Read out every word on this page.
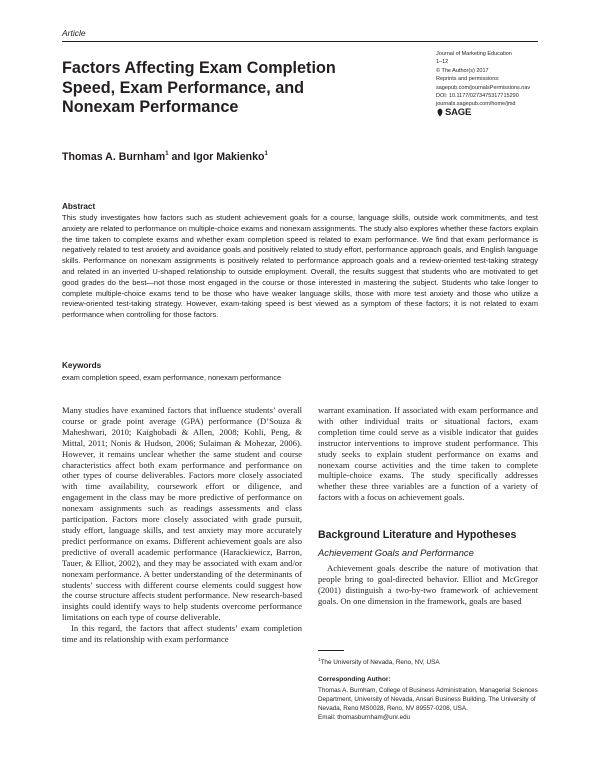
Article
Factors Affecting Exam Completion
Speed, Exam Performance, and
Nonexam Performance
Journal of Marketing Education
1–12
© The Author(s) 2017
Reprints and permissions:
sagepub.com/journalsPermissions.nav
DOI: 10.1177/0273475317715290
journals.sagepub.com/home/jmd
SAGE
Thomas A. Burnham$^1$ and Igor Makienko$^1$
Abstract
This study investigates how factors such as student achievement goals for a course, language skills, outside work commitments, and test anxiety are related to performance on multiple-choice exams and nonexam assignments. The study also explores whether these factors explain the time taken to complete exams and whether exam completion speed is related to exam performance. We find that exam performance is negatively related to test anxiety and avoidance goals and positively related to study effort, performance approach goals, and English language skills. Performance on nonexam assignments is positively related to performance approach goals and a review-oriented test-taking strategy and related in an inverted U-shaped relationship to outside employment. Overall, the results suggest that students who are motivated to get good grades do the best—not those most engaged in the course or those interested in mastering the subject. Students who take longer to complete multiple-choice exams tend to be those who have weaker language skills, those with more test anxiety and those who utilize a review-oriented test-taking strategy. However, exam-taking speed is best viewed as a symptom of these factors; it is not related to exam performance when controlling for those factors.
Keywords
exam completion speed, exam performance, nonexam performance

Many studies have examined factors that influence students’ overall course or grade point average (GPA) performance (D’Souza & Maheshwari, 2010; Kaighobadi & Allen, 2008; Kohli, Peng, & Mittal, 2011; Nonis & Hudson, 2006; Sulaiman & Mohezar, 2006). However, it remains unclear whether the same student and course characteristics affect both exam performance and performance on other types of course deliverables. Factors more closely associated with time availability, coursework effort or diligence, and engagement in the class may be more predictive of performance on nonexam assignments such as readings assessments and class participation. Factors more closely associated with grade pursuit, study effort, language skills, and test anxiety may more accurately predict performance on exams. Different achievement goals are also predictive of overall academic performance (Harackiewicz, Barron, Tauer, & Elliot, 2002), and they may be associated with exam and/or nonexam performance. A better understanding of the determinants of students’ success with different course elements could suggest how the course structure affects student performance. New research-based insights could identify ways to help students overcome performance limitations on each type of course deliverable.

In this regard, the factors that affect students’ exam completion time and its relationship with exam performance

warrant examination. If associated with exam performance and with other individual traits or situational factors, exam completion time could serve as a visible indicator that guides instructor interventions to improve student performance. This study seeks to explain student performance on exams and nonexam course activities and the time taken to complete multiple-choice exams. The study specifically addresses whether these three variables are a function of a variety of factors with a focus on achievement goals.

Background Literature and Hypotheses
Achievement Goals and Performance
Achievement goals describe the nature of motivation that people bring to goal-directed behavior. Elliot and McGregor (2001) distinguish a two-by-two framework of achievement goals. On one dimension in the framework, goals are based
$^1$The University of Nevada, Reno, NV, USA
Corresponding Author:
Thomas A. Burnham, College of Business Administration, Managerial Sciences Department, University of Nevada, Ansari Business Building, The University of Nevada, Reno MS0028, Reno, NV 89557-0206, USA.
Email: thomasburnham@unr.edu
